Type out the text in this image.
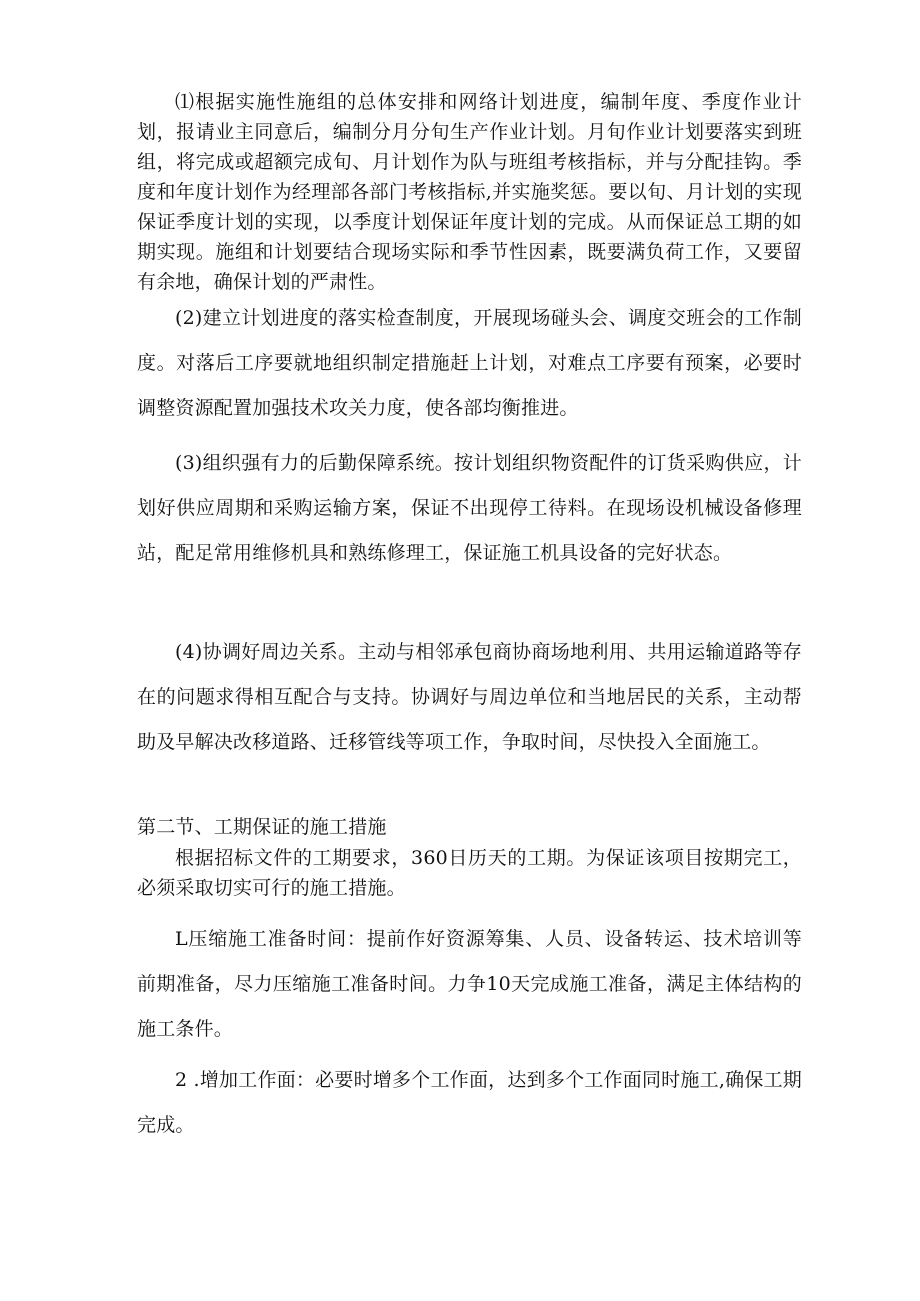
⑴根据实施性施组的总体安排和网络计划进度，编制年度、季度作业计划，报请业主同意后，编制分月分旬生产作业计划。月旬作业计划要落实到班组，将完成或超额完成旬、月计划作为队与班组考核指标，并与分配挂钩。季度和年度计划作为经理部各部门考核指标,并实施奖惩。要以旬、月计划的实现保证季度计划的实现，以季度计划保证年度计划的完成。从而保证总工期的如期实现。施组和计划要结合现场实际和季节性因素，既要满负荷工作，又要留有余地，确保计划的严肃性。

(2)建立计划进度的落实检查制度，开展现场碰头会、调度交班会的工作制度。对落后工序要就地组织制定措施赶上计划，对难点工序要有预案，必要时调整资源配置加强技术攻关力度，使各部均衡推进。

(3)组织强有力的后勤保障系统。按计划组织物资配件的订货采购供应，计划好供应周期和采购运输方案，保证不出现停工待料。在现场设机械设备修理站，配足常用维修机具和熟练修理工，保证施工机具设备的完好状态。

(4)协调好周边关系。主动与相邻承包商协商场地利用、共用运输道路等存在的问题求得相互配合与支持。协调好与周边单位和当地居民的关系，主动帮助及早解决改移道路、迁移管线等项工作，争取时间，尽快投入全面施工。

第二节、工期保证的施工措施

根据招标文件的工期要求，360日历天的工期。为保证该项目按期完工，必须采取切实可行的施工措施。

L压缩施工准备时间：提前作好资源筹集、人员、设备转运、技术培训等前期准备，尽力压缩施工准备时间。力争10天完成施工准备，满足主体结构的施工条件。

2 .增加工作面：必要时增多个工作面，达到多个工作面同时施工,确保工期完成。
